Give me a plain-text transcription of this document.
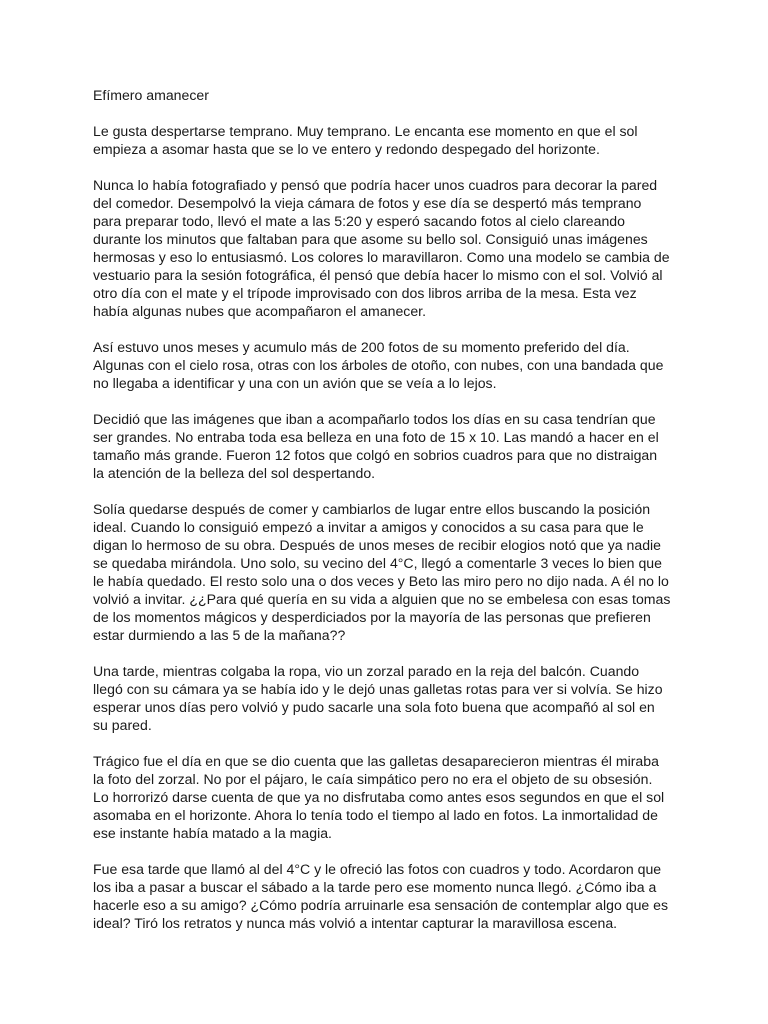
Efímero amanecer
Le gusta despertarse temprano. Muy temprano. Le encanta ese momento en que el sol
empieza a asomar hasta que se lo ve entero y redondo despegado del horizonte.
Nunca lo había fotografiado y pensó que podría hacer unos cuadros para decorar la pared
del comedor. Desempolvó la vieja cámara de fotos y ese día se despertó más temprano
para preparar todo, llevó el mate a las 5:20 y esperó sacando fotos al cielo clareando
durante los minutos que faltaban para que asome su bello sol. Consiguió unas imágenes
hermosas y eso lo entusiasmó. Los colores lo maravillaron. Como una modelo se cambia de
vestuario para la sesión fotográfica, él pensó que debía hacer lo mismo con el sol. Volvió al
otro día con el mate y el trípode improvisado con dos libros arriba de la mesa. Esta vez
había algunas nubes que acompañaron el amanecer.
Así estuvo unos meses y acumulo más de 200 fotos de su momento preferido del día.
Algunas con el cielo rosa, otras con los árboles de otoño, con nubes, con una bandada que
no llegaba a identificar y una con un avión que se veía a lo lejos.
Decidió que las imágenes que iban a acompañarlo todos los días en su casa tendrían que
ser grandes. No entraba toda esa belleza en una foto de 15 x 10. Las mandó a hacer en el
tamaño más grande. Fueron 12 fotos que colgó en sobrios cuadros para que no distraigan
la atención de la belleza del sol despertando.
Solía quedarse después de comer y cambiarlos de lugar entre ellos buscando la posición
ideal. Cuando lo consiguió empezó a invitar a amigos y conocidos a su casa para que le
digan lo hermoso de su obra. Después de unos meses de recibir elogios notó que ya nadie
se quedaba mirándola. Uno solo, su vecino del 4°C, llegó a comentarle 3 veces lo bien que
le había quedado. El resto solo una o dos veces y Beto las miro pero no dijo nada. A él no lo
volvió a invitar. ¿¿Para qué quería en su vida a alguien que no se embelesa con esas tomas
de los momentos mágicos y desperdiciados por la mayoría de las personas que prefieren
estar durmiendo a las 5 de la mañana??
Una tarde, mientras colgaba la ropa, vio un zorzal parado en la reja del balcón. Cuando
llegó con su cámara ya se había ido y le dejó unas galletas rotas para ver si volvía. Se hizo
esperar unos días pero volvió y pudo sacarle una sola foto buena que acompañó al sol en
su pared.
Trágico fue el día en que se dio cuenta que las galletas desaparecieron mientras él miraba
la foto del zorzal. No por el pájaro, le caía simpático pero no era el objeto de su obsesión.
Lo horrorizó darse cuenta de que ya no disfrutaba como antes esos segundos en que el sol
asomaba en el horizonte. Ahora lo tenía todo el tiempo al lado en fotos. La inmortalidad de
ese instante había matado a la magia.
Fue esa tarde que llamó al del 4°C y le ofreció las fotos con cuadros y todo. Acordaron que
los iba a pasar a buscar el sábado a la tarde pero ese momento nunca llegó. ¿Cómo iba a
hacerle eso a su amigo? ¿Cómo podría arruinarle esa sensación de contemplar algo que es
ideal? Tiró los retratos y nunca más volvió a intentar capturar la maravillosa escena.
